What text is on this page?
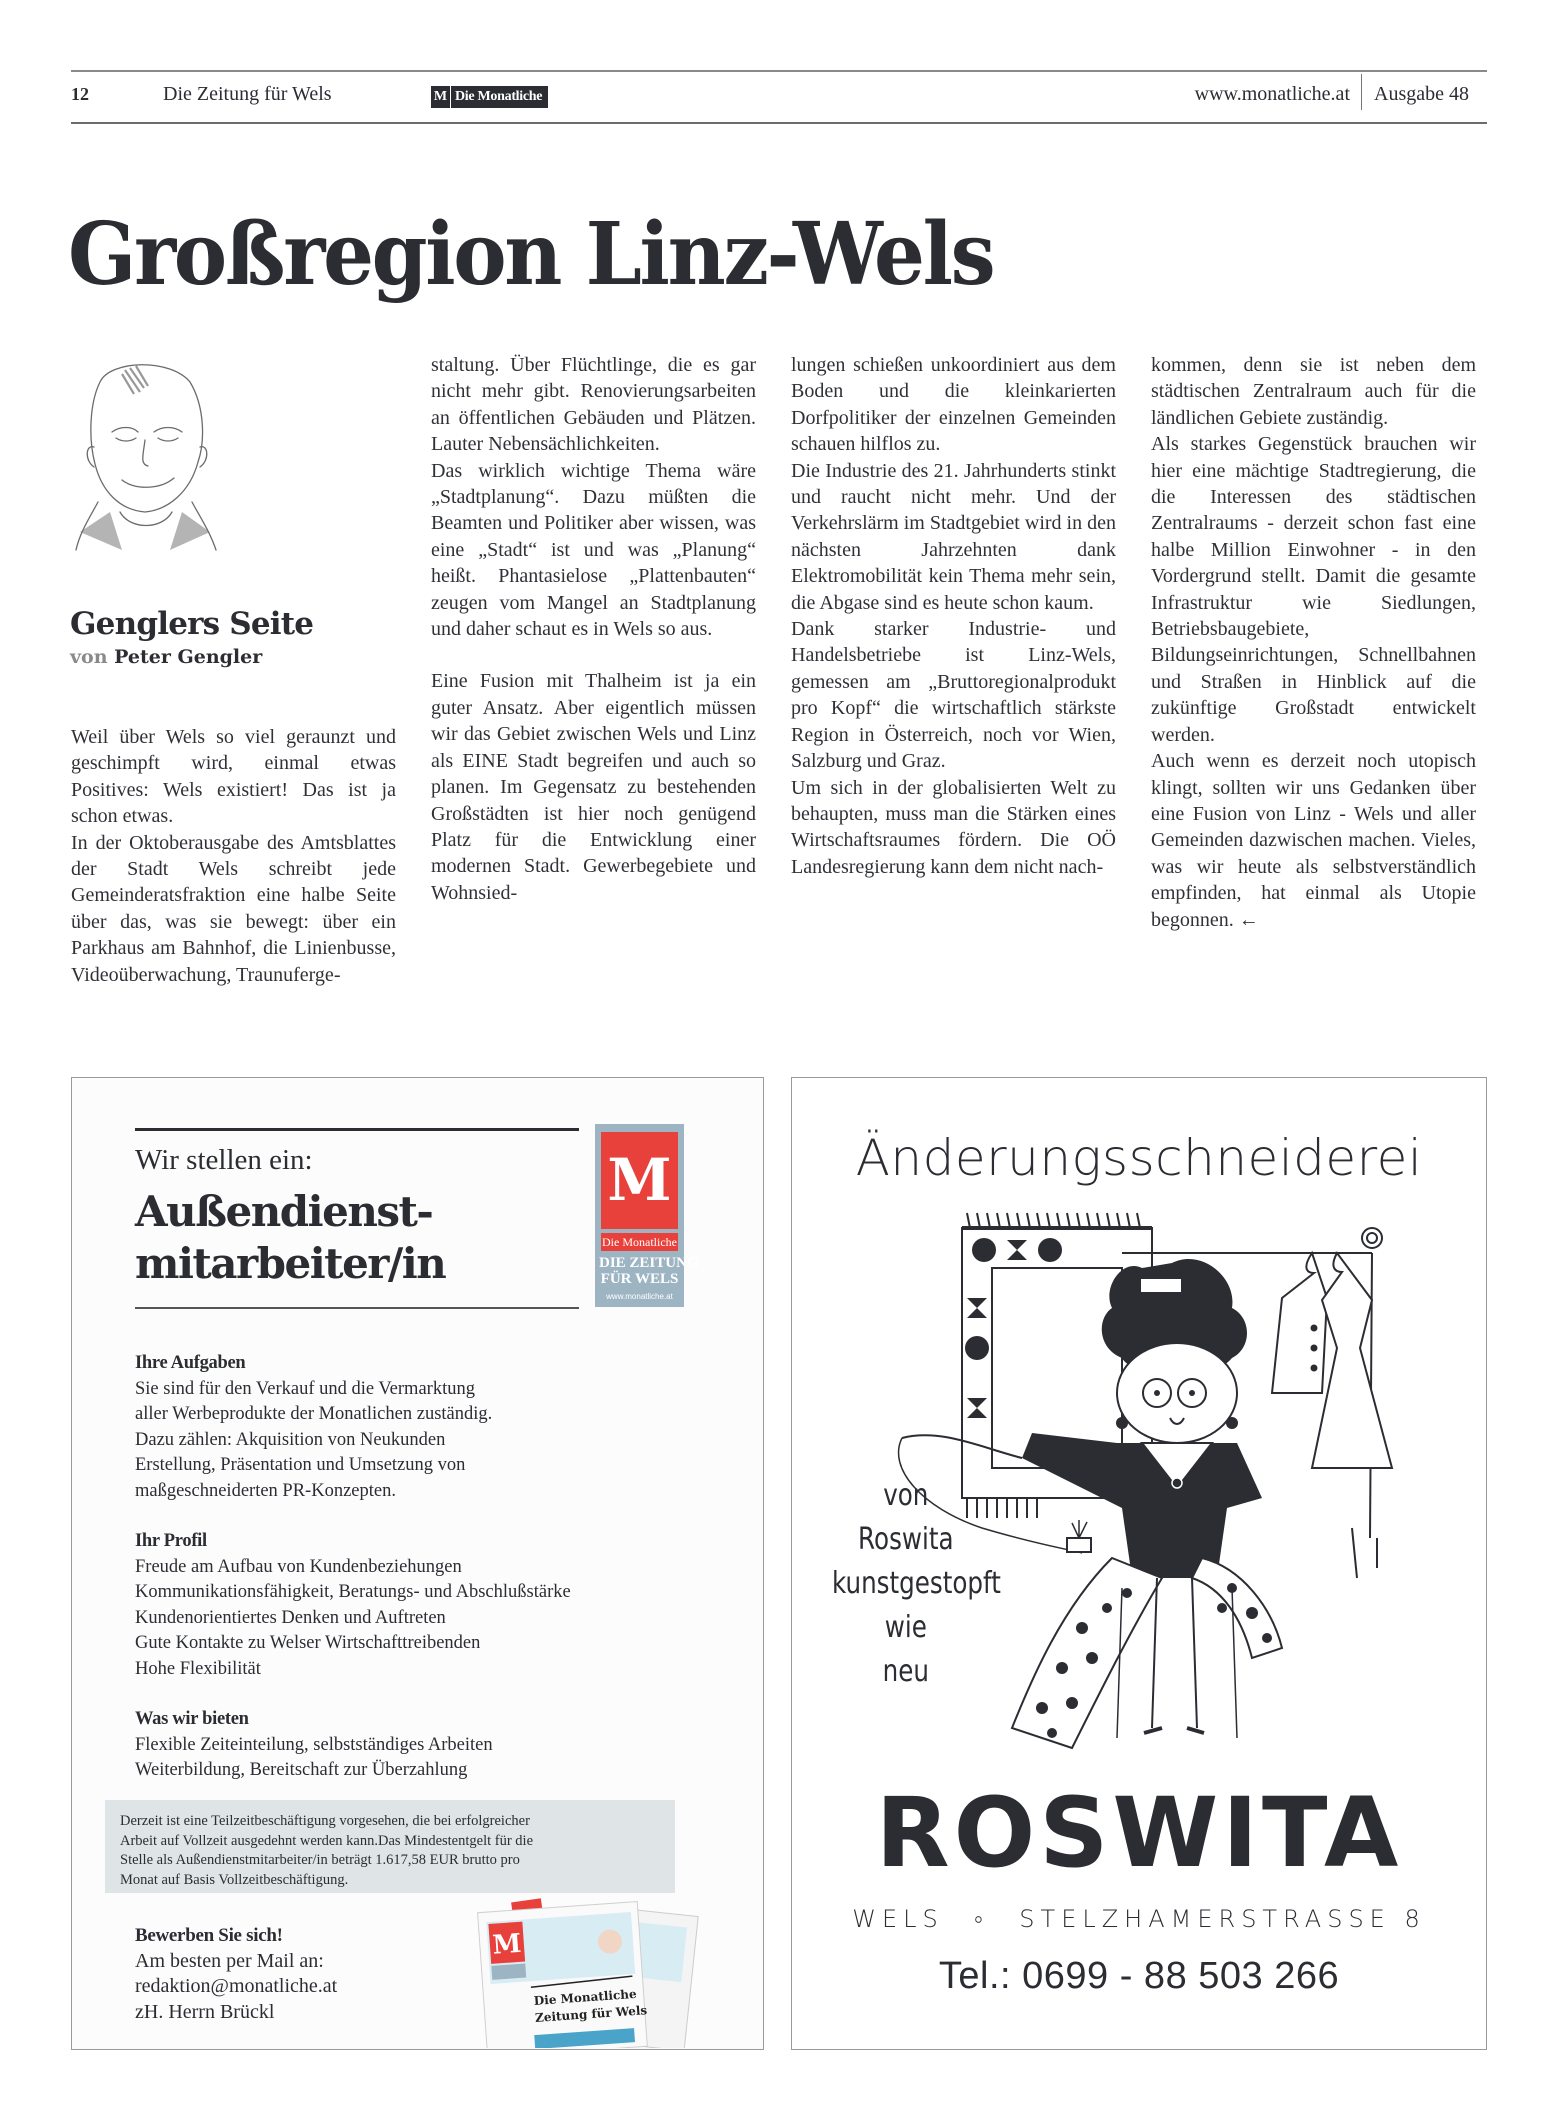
12	Die Zeitung für Wels	M Die Monatliche	www.monatliche.at Ausgabe 48
Großregion Linz-Wels
Genglers Seite
von Peter Gengler

Weil über Wels so viel geraunzt und geschimpft wird, einmal etwas Positives: Wels existiert! Das ist ja schon etwas.

In der Oktoberausgabe des Amtsblattes der Stadt Wels schreibt jede Gemeinderatsfraktion eine halbe Seite über das, was sie bewegt: über ein Parkhaus am Bahnhof, die Linienbusse, Videoüberwachung, Traunuferge-

staltung. Über Flüchtlinge, die es gar nicht mehr gibt. Renovierungsarbeiten an öffentlichen Gebäuden und Plätzen. Lauter Nebensächlichkeiten.

Das wirklich wichtige Thema wäre „Stadtplanung“. Dazu müßten die Beamten und Politiker aber wissen, was eine „Stadt“ ist und was „Planung“ heißt. Phantasielose „Plattenbauten“ zeugen vom Mangel an Stadtplanung und daher schaut es in Wels so aus.

Eine Fusion mit Thalheim ist ja ein guter Ansatz. Aber eigentlich müssen wir das Gebiet zwischen Wels und Linz als EINE Stadt begreifen und auch so planen. Im Gegensatz zu bestehenden Großstädten ist hier noch genügend Platz für die Entwicklung einer modernen Stadt. Gewerbegebiete und Wohnsied-

lungen schießen unkoordiniert aus dem Boden und die kleinkarierten Dorfpolitiker der einzelnen Gemeinden schauen hilflos zu.

Die Industrie des 21. Jahrhunderts stinkt und raucht nicht mehr. Und der Verkehrslärm im Stadtgebiet wird in den nächsten Jahrzehnten dank Elektromobilität kein Thema mehr sein, die Abgase sind es heute schon kaum.

Dank starker Industrie- und Handelsbetriebe ist Linz-Wels, gemessen am „Bruttoregionalprodukt pro Kopf“ die wirtschaftlich stärkste Region in Österreich, noch vor Wien, Salzburg und Graz.

Um sich in der globalisierten Welt zu behaupten, muss man die Stärken eines Wirtschaftsraumes fördern. Die OÖ Landesregierung kann dem nicht nach-

kommen, denn sie ist neben dem städtischen Zentralraum auch für die ländlichen Gebiete zuständig.

Als starkes Gegenstück brauchen wir hier eine mächtige Stadtregierung, die die Interessen des städtischen Zentralraums - derzeit schon fast eine halbe Million Einwohner - in den Vordergrund stellt. Damit die gesamte Infrastruktur wie Siedlungen, Betriebsbaugebiete, Bildungseinrichtungen, Schnellbahnen und Straßen in Hinblick auf die zukünftige Großstadt entwickelt werden.

Auch wenn es derzeit noch utopisch klingt, sollten wir uns Gedanken über eine Fusion von Linz - Wels und aller Gemeinden dazwischen machen. Vieles, was wir heute als selbstverständlich empfinden, hat einmal als Utopie begonnen. ←

Wir stellen ein:
Außendienst-
mitarbeiter/in
M
Die Monatliche
DIE ZEITUNG
FÜR WELS
www.monatliche.at
Ihre Aufgaben
Sie sind für den Verkauf und die Vermarktung
aller Werbeprodukte der Monatlichen zuständig.
Dazu zählen: Akquisition von Neukunden
Erstellung, Präsentation und Umsetzung von
maßgeschneiderten PR-Konzepten.
Ihr Profil
Freude am Aufbau von Kundenbeziehungen
Kommunikationsfähigkeit, Beratungs- und Abschlußstärke
Kundenorientiertes Denken und Auftreten
Gute Kontakte zu Welser Wirtschafttreibenden
Hohe Flexibilität
Was wir bieten
Flexible Zeiteinteilung, selbstständiges Arbeiten
Weiterbildung, Bereitschaft zur Überzahlung
Derzeit ist eine Teilzeitbeschäftigung vorgesehen, die bei erfolgreicher
Arbeit auf Vollzeit ausgedehnt werden kann.Das Mindestentgelt für die
Stelle als Außendienstmitarbeiter/in beträgt 1.617,58 EUR brutto pro
Monat auf Basis Vollzeitbeschäftigung.
Bewerben Sie sich!
Am besten per Mail an:
redaktion@monatliche.at
zH. Herrn Brückl
M
Die Monatliche
Zeitung für Wels
Änderungsschneiderei
von
Roswita
kunstgestopft
wie
neu
ROSWITA
WELS  ∘  STELZHAMERSTRASSE 8
Tel.: 0699 - 88 503 266
